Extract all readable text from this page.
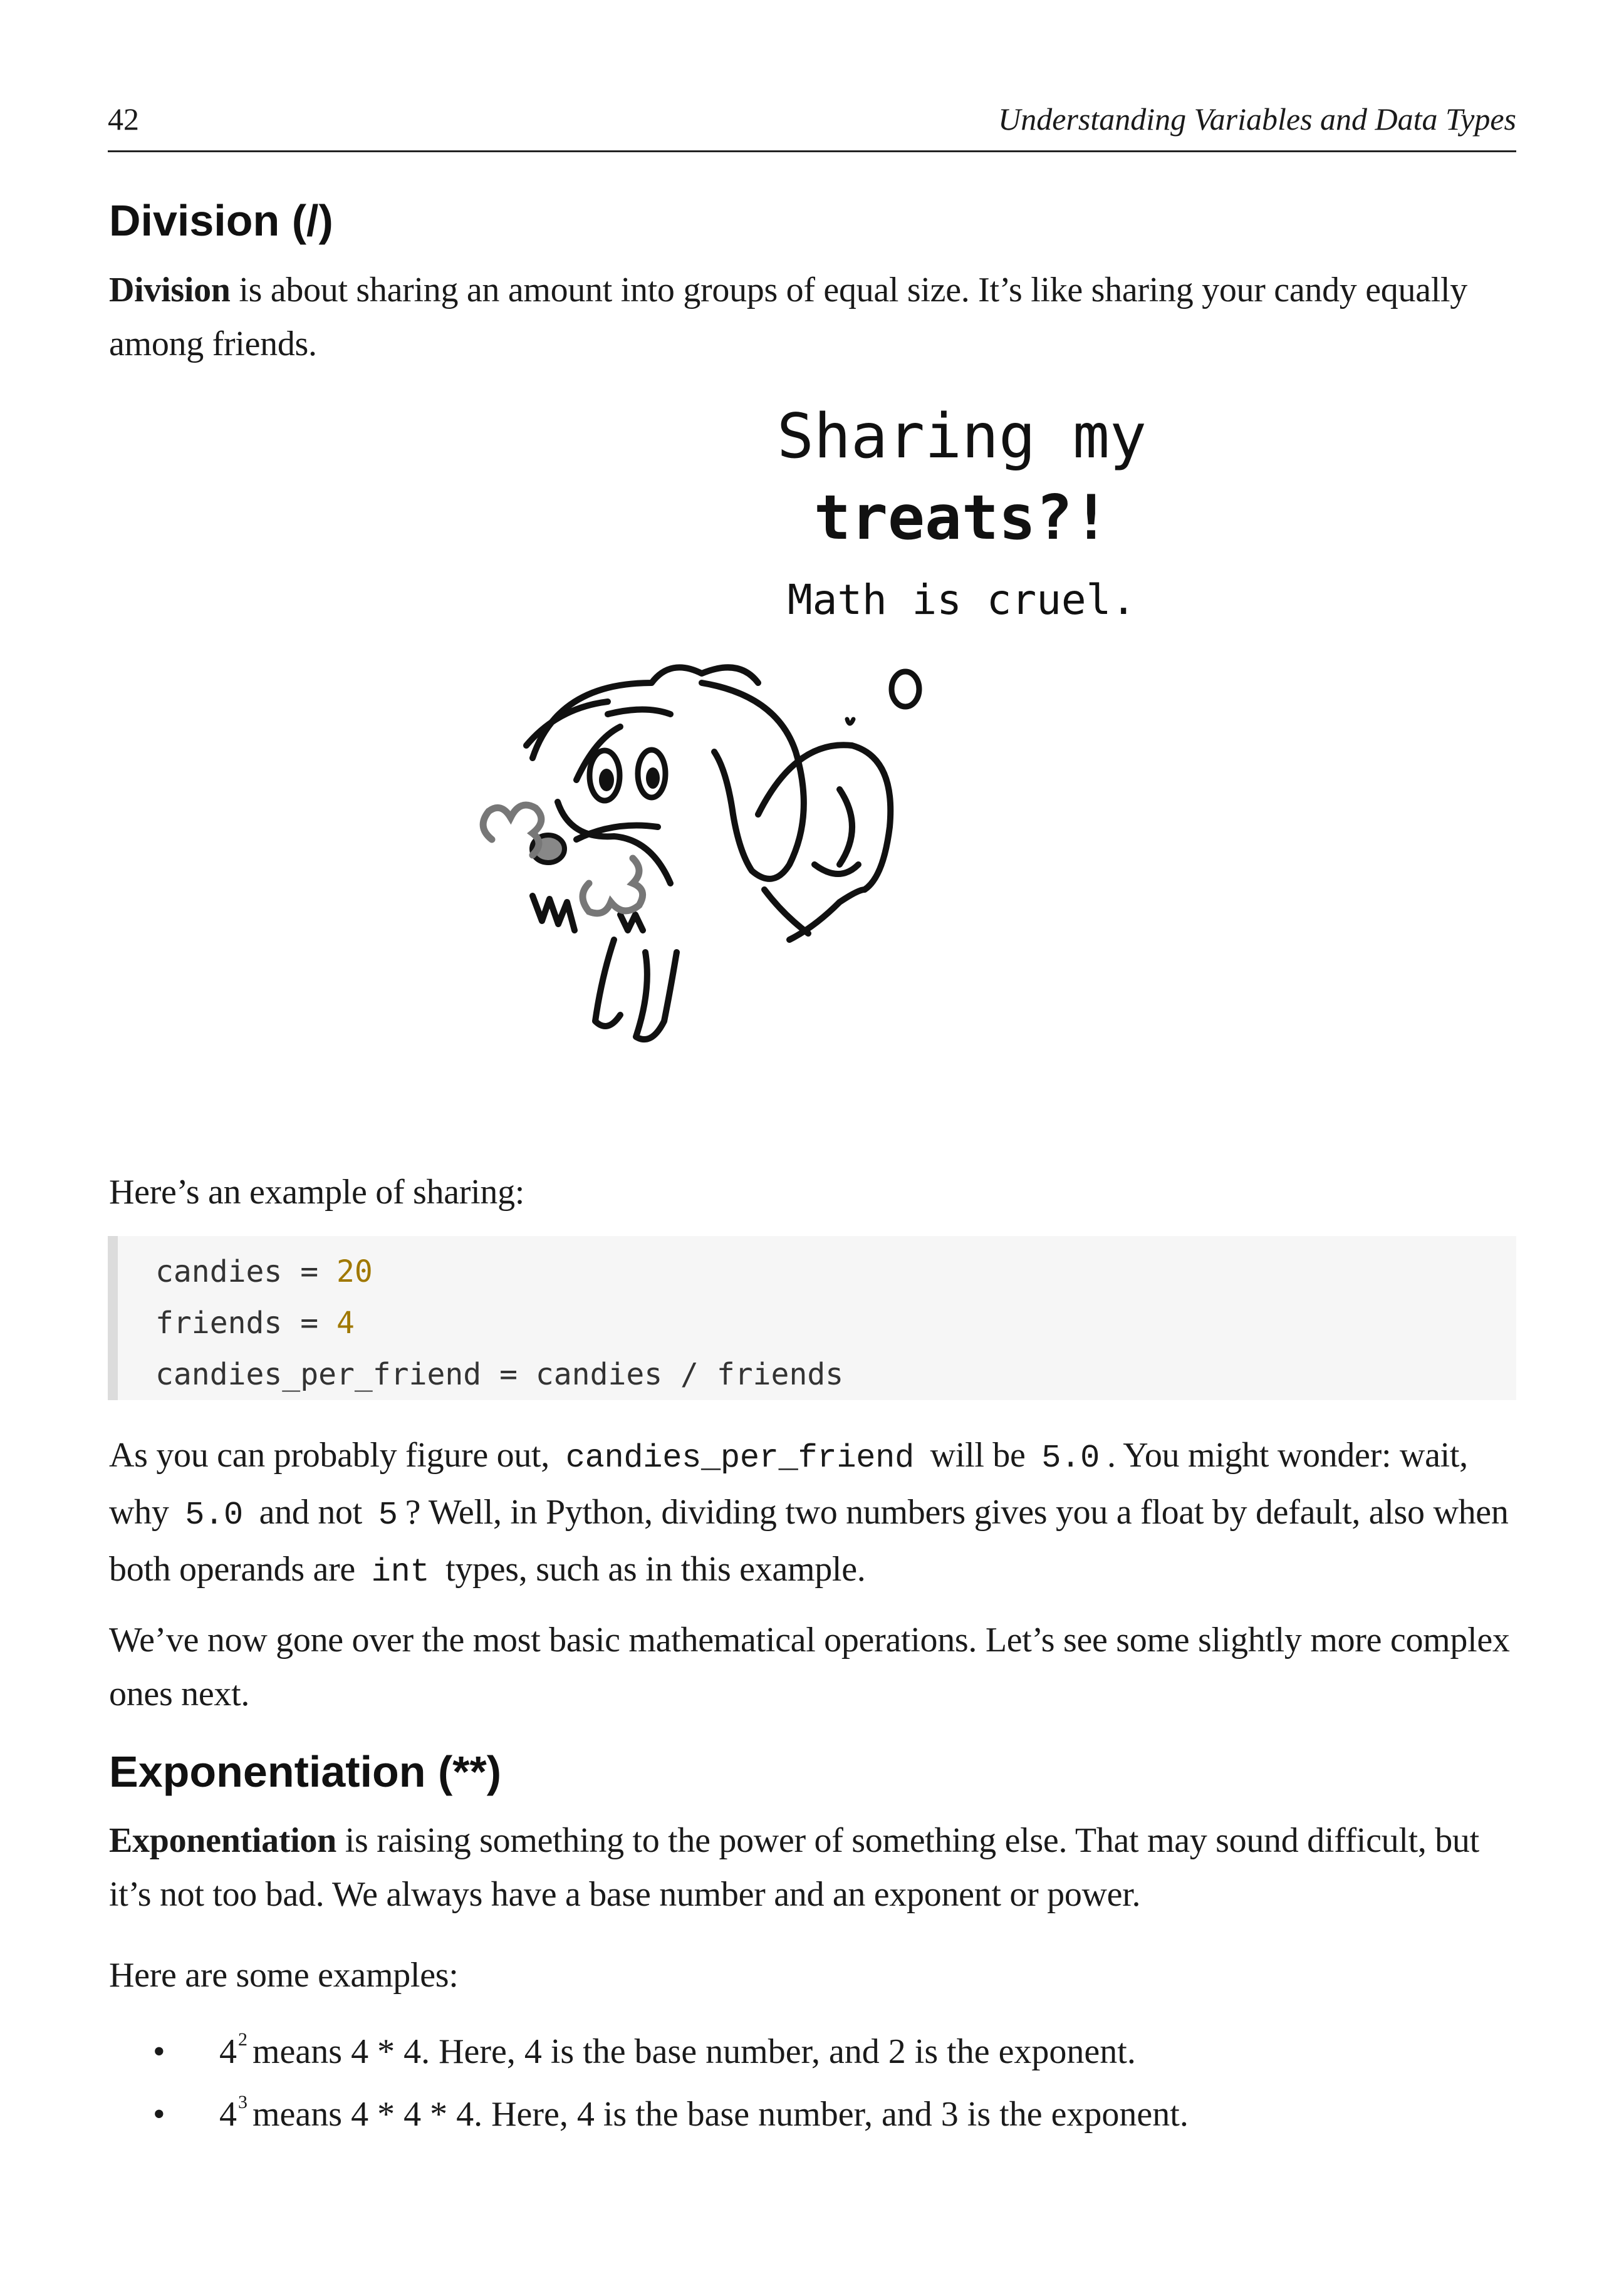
42	Understanding Variables and Data Types
Division (/)

Division is about sharing an amount into groups of equal size. It’s like sharing your candy equally among friends.

Sharing my
treats?!
Math is cruel.

Here’s an example of sharing:

candies = 20
friends = 4
candies_per_friend = candies / friends

As you can probably figure out, candies_per_friend will be 5.0 . You might wonder: wait, why 5.0 and not 5 ? Well, in Python, dividing two numbers gives you a float by default, also when both operands are int types, such as in this example.

We’ve now gone over the most basic mathematical operations. Let’s see some slightly more complex ones next.

Exponentiation (**)

Exponentiation is raising something to the power of something else. That may sound difficult, but it’s not too bad. We always have a base number and an exponent or power.

Here are some examples:

• $4^2$ means 4 * 4. Here, 4 is the base number, and 2 is the exponent.
• $4^3$ means 4 * 4 * 4. Here, 4 is the base number, and 3 is the exponent.
